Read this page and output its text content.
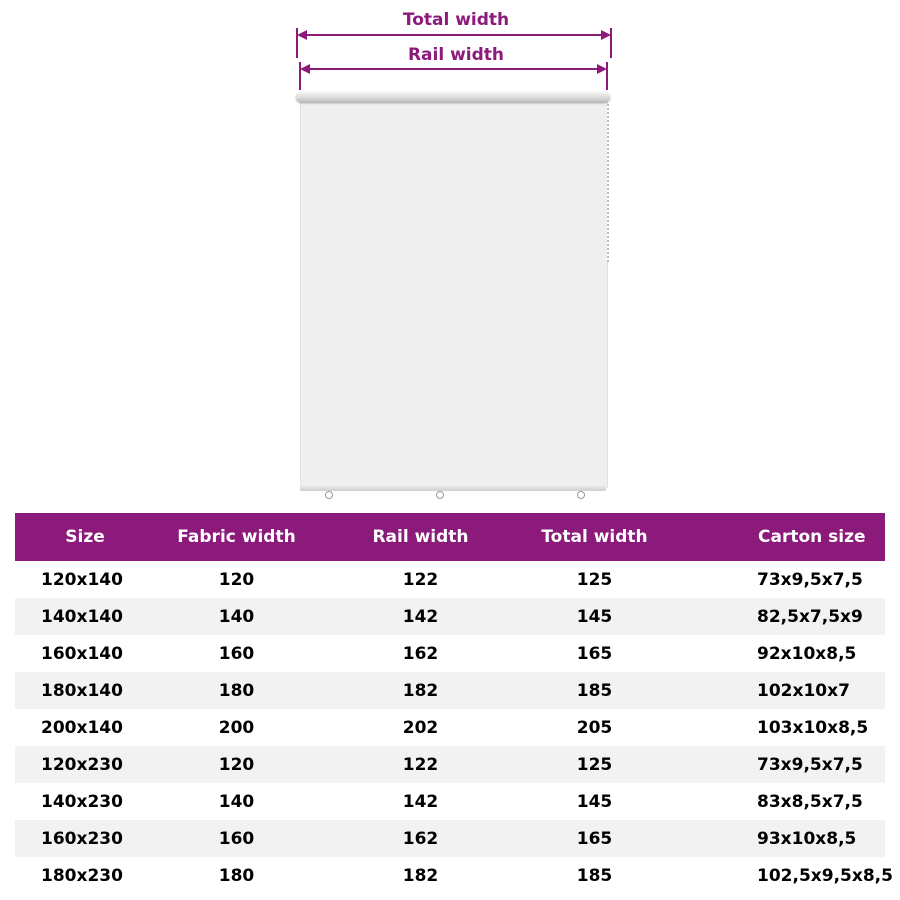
Total width
Rail width
Size	Fabric width	Rail width	Total width	Carton size
120x140	120	122	125	73x9,5x7,5
140x140	140	142	145	82,5x7,5x9
160x140	160	162	165	92x10x8,5
180x140	180	182	185	102x10x7
200x140	200	202	205	103x10x8,5
120x230	120	122	125	73x9,5x7,5
140x230	140	142	145	83x8,5x7,5
160x230	160	162	165	93x10x8,5
180x230	180	182	185	102,5x9,5x8,5
